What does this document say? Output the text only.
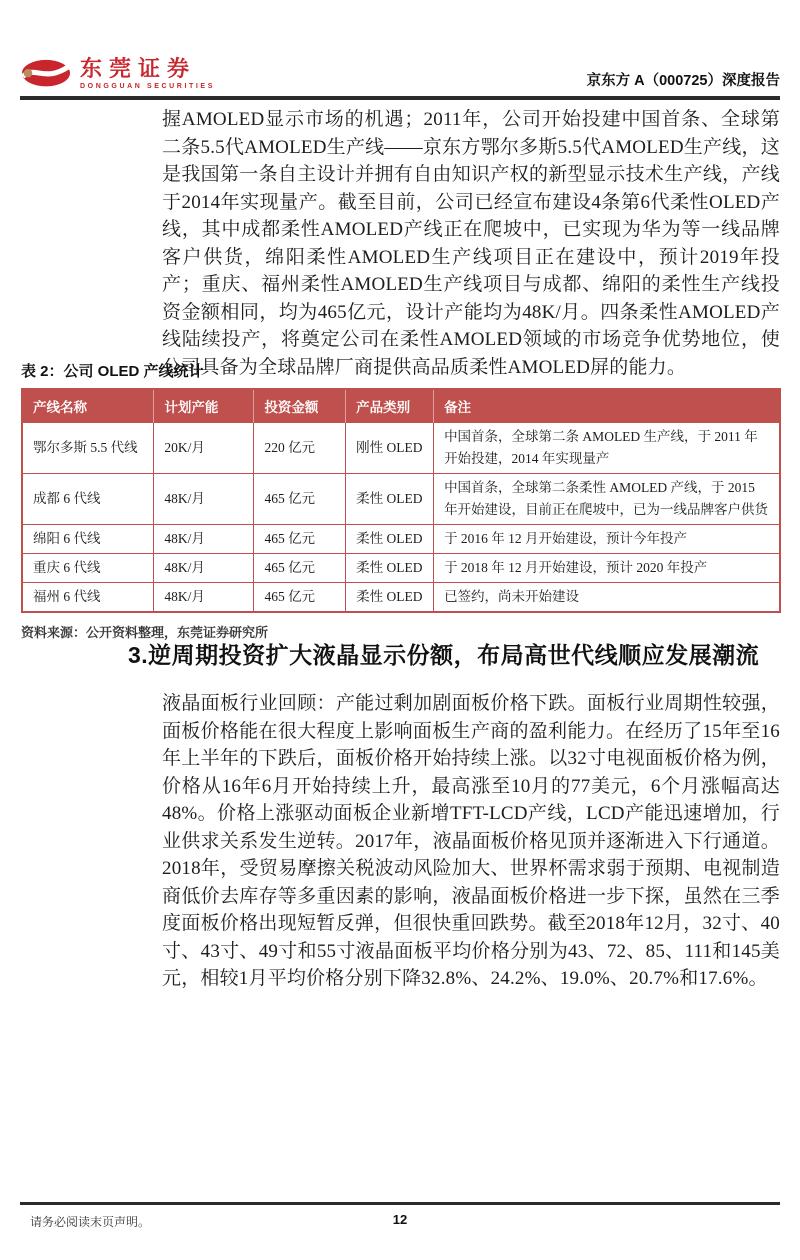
东莞证券
DONGGUAN SECURITIES	京东方 A（000725）深度报告
握AMOLED显示市场的机遇；2011年，公司开始投建中国首条、全球第二条5.5代AMOLED生产线——京东方鄂尔多斯5.5代AMOLED生产线，这是我国第一条自主设计并拥有自由知识产权的新型显示技术生产线，产线于2014年实现量产。截至目前，公司已经宣布建设4条第6代柔性OLED产线，其中成都柔性AMOLED产线正在爬坡中，已实现为华为等一线品牌客户供货，绵阳柔性AMOLED生产线项目正在建设中，预计2019年投产；重庆、福州柔性AMOLED生产线项目与成都、绵阳的柔性生产线投资金额相同，均为465亿元，设计产能均为48K/月。四条柔性AMOLED产线陆续投产，将奠定公司在柔性AMOLED领域的市场竞争优势地位，使公司具备为全球品牌厂商提供高品质柔性AMOLED屏的能力。
表 2：公司 OLED 产线统计
产线名称	计划产能	投资金额	产品类别	备注
鄂尔多斯 5.5 代线	20K/月	220 亿元	刚性 OLED	中国首条，全球第二条 AMOLED 生产线，于 2011 年开始投建，2014 年实现量产
成都 6 代线	48K/月	465 亿元	柔性 OLED	中国首条，全球第二条柔性 AMOLED 产线，于 2015 年开始建设，目前正在爬坡中，已为一线品牌客户供货
绵阳 6 代线	48K/月	465 亿元	柔性 OLED	于 2016 年 12 月开始建设，预计今年投产
重庆 6 代线	48K/月	465 亿元	柔性 OLED	于 2018 年 12 月开始建设，预计 2020 年投产
福州 6 代线	48K/月	465 亿元	柔性 OLED	已签约，尚未开始建设
资料来源：公开资料整理，东莞证券研究所
3.逆周期投资扩大液晶显示份额，布局高世代线顺应发展潮流
液晶面板行业回顾：产能过剩加剧面板价格下跌。面板行业周期性较强，面板价格能在很大程度上影响面板生产商的盈利能力。在经历了15年至16年上半年的下跌后，面板价格开始持续上涨。以32寸电视面板价格为例，价格从16年6月开始持续上升，最高涨至10月的77美元，6个月涨幅高达48%。价格上涨驱动面板企业新增TFT-LCD产线，LCD产能迅速增加，行业供求关系发生逆转。2017年，液晶面板价格见顶并逐渐进入下行通道。2018年，受贸易摩擦关税波动风险加大、世界杯需求弱于预期、电视制造商低价去库存等多重因素的影响，液晶面板价格进一步下探，虽然在三季度面板价格出现短暂反弹，但很快重回跌势。截至2018年12月，32寸、40寸、43寸、49寸和55寸液晶面板平均价格分别为43、72、85、111和145美元，相较1月平均价格分别下降32.8%、24.2%、19.0%、20.7%和17.6%。
请务必阅读末页声明。	12
